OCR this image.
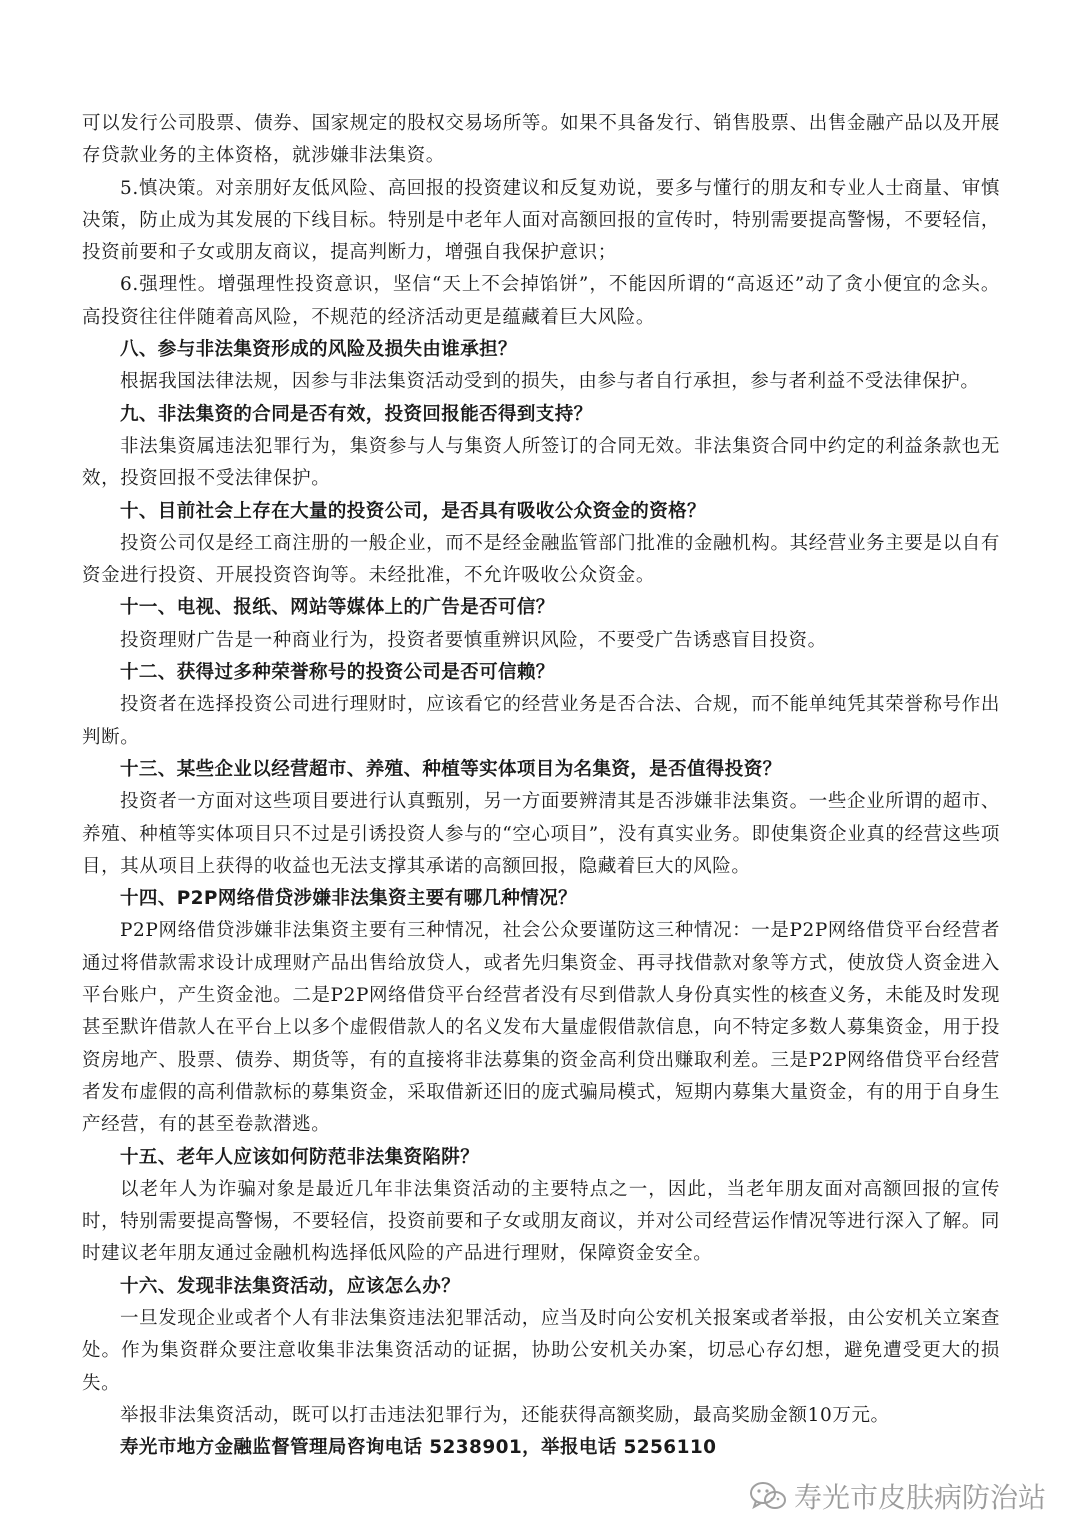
可以发行公司股票、债券、国家规定的股权交易场所等。如果不具备发行、销售股票、出售金融产品以及开展存贷款业务的主体资格，就涉嫌非法集资。

5.慎决策。对亲朋好友低风险、高回报的投资建议和反复劝说，要多与懂行的朋友和专业人士商量、审慎决策，防止成为其发展的下线目标。特别是中老年人面对高额回报的宣传时，特别需要提高警惕，不要轻信，投资前要和子女或朋友商议，提高判断力，增强自我保护意识；

6.强理性。增强理性投资意识，坚信“天上不会掉馅饼”，不能因所谓的“高返还”动了贪小便宜的念头。高投资往往伴随着高风险，不规范的经济活动更是蕴藏着巨大风险。

八、参与非法集资形成的风险及损失由谁承担？

根据我国法律法规，因参与非法集资活动受到的损失，由参与者自行承担，参与者利益不受法律保护。

九、非法集资的合同是否有效，投资回报能否得到支持？

非法集资属违法犯罪行为，集资参与人与集资人所签订的合同无效。非法集资合同中约定的利益条款也无效，投资回报不受法律保护。

十、目前社会上存在大量的投资公司，是否具有吸收公众资金的资格？

投资公司仅是经工商注册的一般企业，而不是经金融监管部门批准的金融机构。其经营业务主要是以自有资金进行投资、开展投资咨询等。未经批准，不允许吸收公众资金。

十一、电视、报纸、网站等媒体上的广告是否可信？

投资理财广告是一种商业行为，投资者要慎重辨识风险，不要受广告诱惑盲目投资。

十二、获得过多种荣誉称号的投资公司是否可信赖？

投资者在选择投资公司进行理财时，应该看它的经营业务是否合法、合规，而不能单纯凭其荣誉称号作出判断。

十三、某些企业以经营超市、养殖、种植等实体项目为名集资，是否值得投资？

投资者一方面对这些项目要进行认真甄别，另一方面要辨清其是否涉嫌非法集资。一些企业所谓的超市、养殖、种植等实体项目只不过是引诱投资人参与的“空心项目”，没有真实业务。即使集资企业真的经营这些项目，其从项目上获得的收益也无法支撑其承诺的高额回报，隐藏着巨大的风险。

十四、P2P网络借贷涉嫌非法集资主要有哪几种情况？

P2P网络借贷涉嫌非法集资主要有三种情况，社会公众要谨防这三种情况：一是P2P网络借贷平台经营者通过将借款需求设计成理财产品出售给放贷人，或者先归集资金、再寻找借款对象等方式，使放贷人资金进入平台账户，产生资金池。二是P2P网络借贷平台经营者没有尽到借款人身份真实性的核查义务，未能及时发现甚至默许借款人在平台上以多个虚假借款人的名义发布大量虚假借款信息，向不特定多数人募集资金，用于投资房地产、股票、债券、期货等，有的直接将非法募集的资金高利贷出赚取利差。三是P2P网络借贷平台经营者发布虚假的高利借款标的募集资金，采取借新还旧的庞式骗局模式，短期内募集大量资金，有的用于自身生产经营，有的甚至卷款潜逃。

十五、老年人应该如何防范非法集资陷阱？

以老年人为诈骗对象是最近几年非法集资活动的主要特点之一，因此，当老年朋友面对高额回报的宣传时，特别需要提高警惕，不要轻信，投资前要和子女或朋友商议，并对公司经营运作情况等进行深入了解。同时建议老年朋友通过金融机构选择低风险的产品进行理财，保障资金安全。

十六、发现非法集资活动，应该怎么办？

一旦发现企业或者个人有非法集资违法犯罪活动，应当及时向公安机关报案或者举报，由公安机关立案查处。作为集资群众要注意收集非法集资活动的证据，协助公安机关办案，切忌心存幻想，避免遭受更大的损失。

举报非法集资活动，既可以打击违法犯罪行为，还能获得高额奖励，最高奖励金额10万元。

寿光市地方金融监督管理局咨询电话 5238901，举报电话 5256110

寿光市皮肤病防治站
